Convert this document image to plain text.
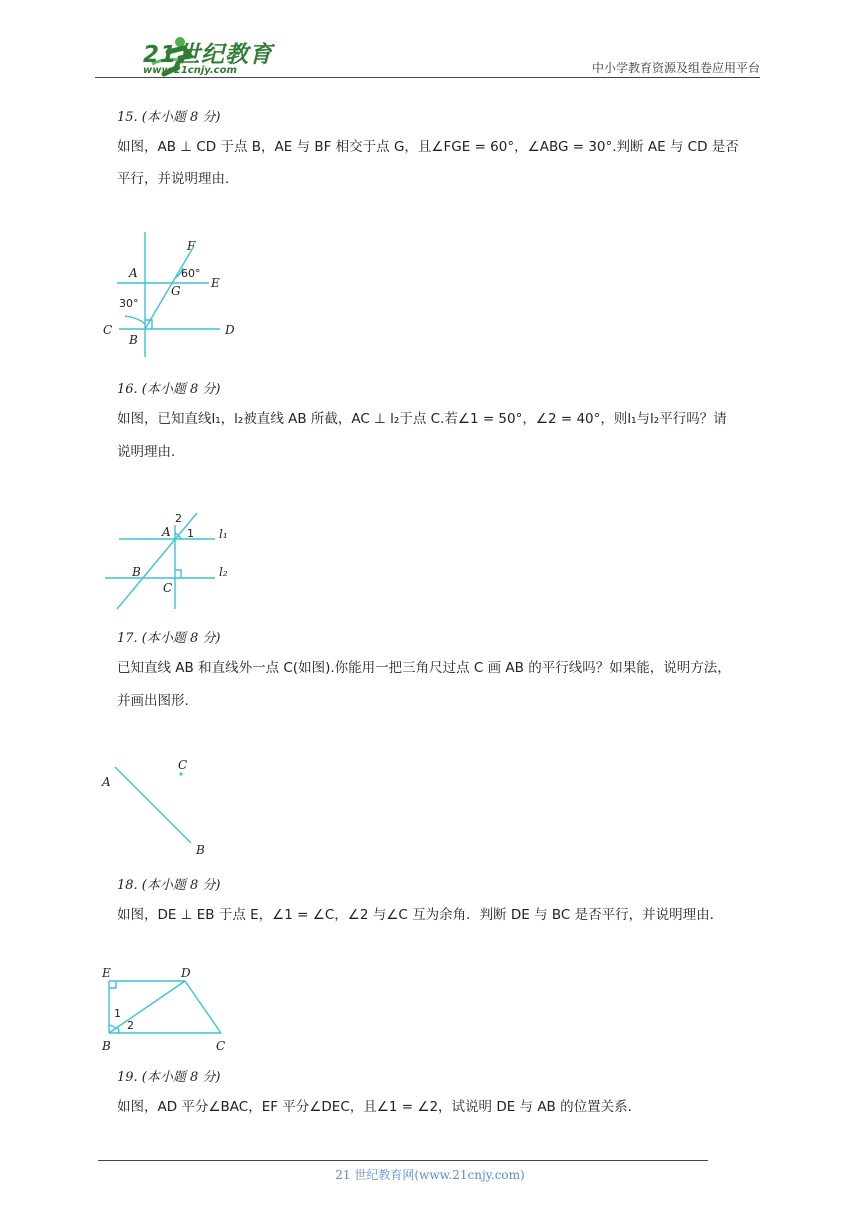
21世纪教育
www.21cnjy.com	中小学教育资源及组卷应用平台
15. (本小题 8 分)
如图，AB ⊥ CD 于点 B，AE 与 BF 相交于点 G，且∠FGE = 60°，∠ABG = 30°.判断 AE 与 CD 是否
平行，并说明理由.
F
A
E
G
C
B
D
60°
30°
16. (本小题 8 分)
如图，已知直线l₁，l₂被直线 AB 所截，AC ⊥ l₂于点 C.若∠1 = 50°，∠2 = 40°，则l₁与l₂平行吗？请
说明理由.
A 1
2
l₁
B	l₂
C
17. (本小题 8 分)
已知直线 AB 和直线外一点 C(如图).你能用一把三角尺过点 C 画 AB 的平行线吗？如果能，说明方法，
并画出图形.
A
B
C
18. (本小题 8 分)
如图，DE ⊥ EB 于点 E，∠1 = ∠C，∠2 与∠C 互为余角．判断 DE 与 BC 是否平行，并说明理由．
E	D
B	C
1
2
19. (本小题 8 分)
如图，AD 平分∠BAC，EF 平分∠DEC，且∠1 = ∠2，试说明 DE 与 AB 的位置关系.
21 世纪教育网(www.21cnjy.com)
